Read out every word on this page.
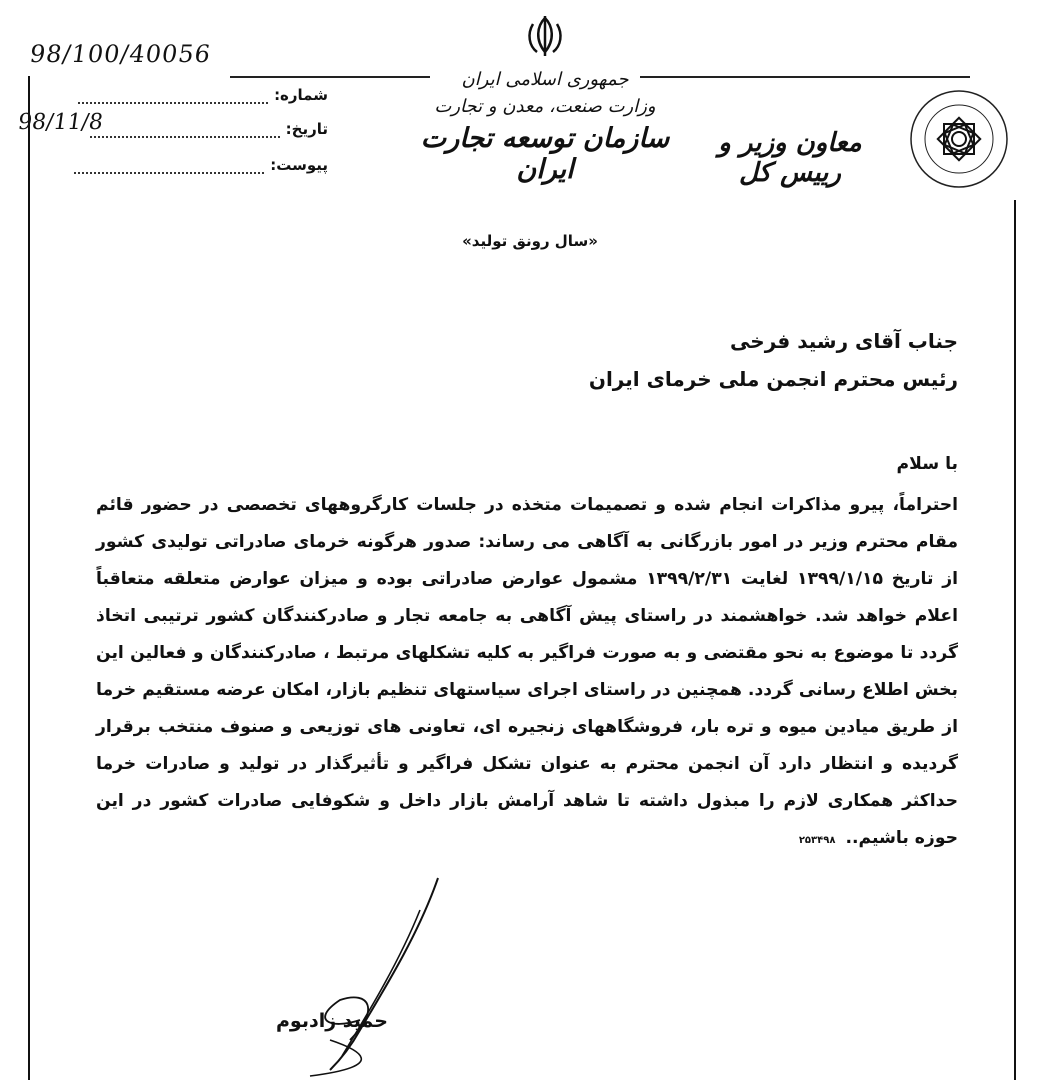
98/100/40056
شماره:
تاریخ:
پیوست:
98/11/8
جمهوری اسلامی ایران
وزارت صنعت، معدن و تجارت
سازمان توسعه تجارت ایران
معاون وزیر و رییس کل
«سال رونق تولید»
جناب آقای رشید فرخی
رئیس محترم انجمن ملی خرمای ایران

با سلام

احتراماً، پیرو مذاکرات انجام شده و تصمیمات متخذه در جلسات کارگروههای تخصصی در حضور قائم مقام محترم وزیر در امور بازرگانی به آگاهی می رساند: صدور هرگونه خرمای صادراتی تولیدی کشور از تاریخ ۱۳۹۹/۱/۱۵ لغایت ۱۳۹۹/۲/۳۱ مشمول عوارض صادراتی بوده و میزان عوارض متعلقه متعاقباً اعلام خواهد شد. خواهشمند در راستای پیش آگاهی به جامعه تجار و صادرکنندگان کشور ترتیبی اتخاذ گردد تا موضوع به نحو مقتضی و به صورت فراگیر به کلیه تشکلهای مرتبط ، صادرکنندگان و فعالین این بخش اطلاع رسانی گردد. همچنین در راستای اجرای سیاستهای تنظیم بازار، امکان عرضه مستقیم خرما از طریق میادین میوه و تره بار، فروشگاههای زنجیره ای، تعاونی های توزیعی و صنوف منتخب برقرار گردیده و انتظار دارد آن انجمن محترم به عنوان تشکل فراگیر و تأثیرگذار در تولید و صادرات خرما حداکثر همکاری لازم را مبذول داشته تا شاهد آرامش بازار داخل و شکوفایی صادرات کشور در این حوزه باشیم..۲۵۳۴۹۸

حمید زادبوم
